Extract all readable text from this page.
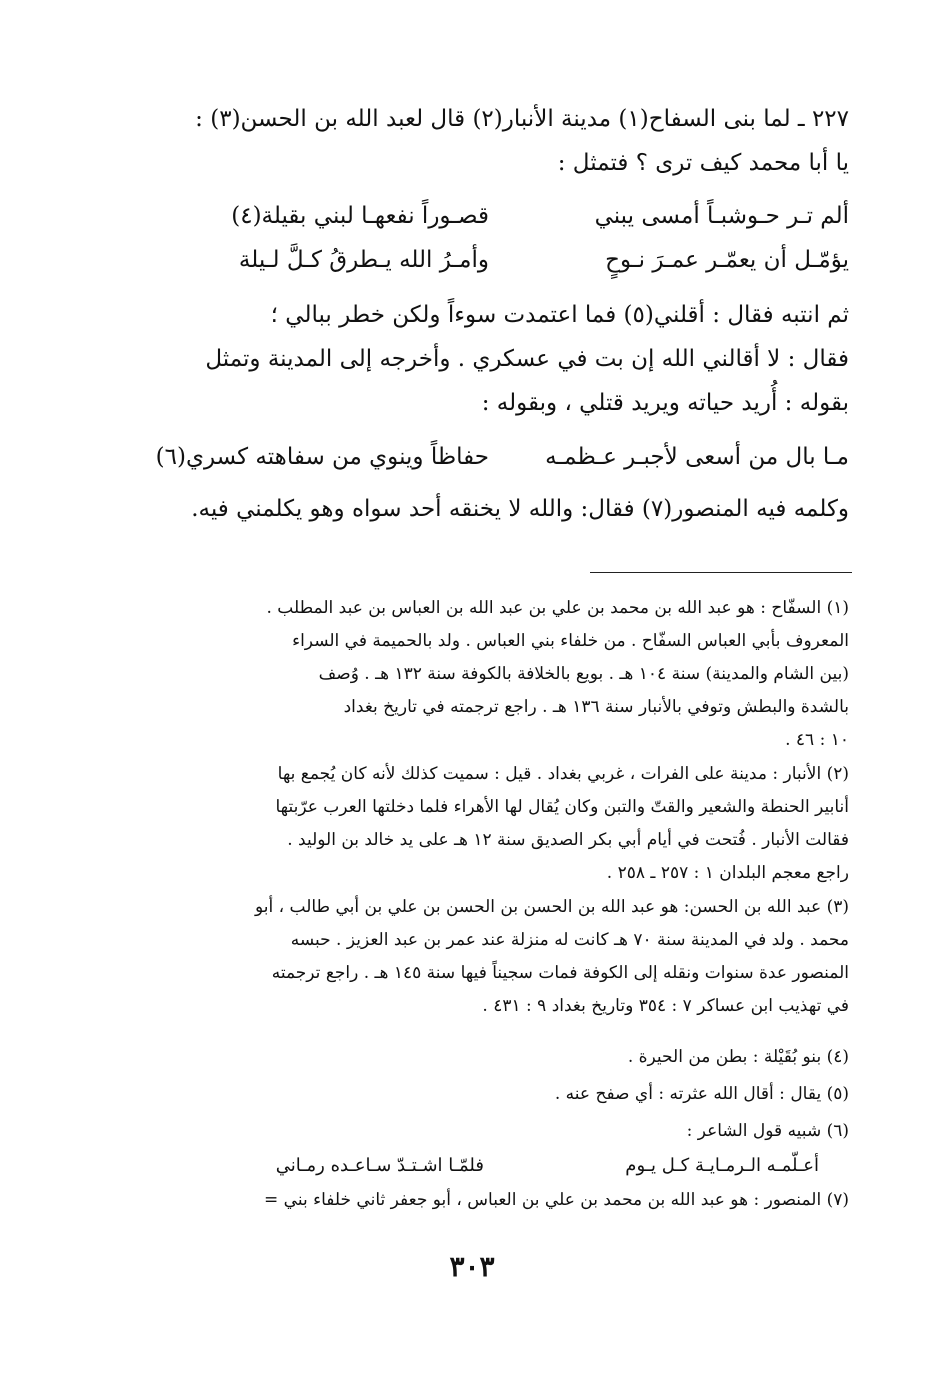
٢٢٧ ـ لما بنى السفاح(١) مدينة الأنبار(٢) قال لعبد الله بن الحسن(٣) :
يا أبا محمد كيف ترى ؟ فتمثل :
ألم تـر حـوشبـاً أمسى يبني
قصـوراً نفعهـا لبني بقيلة(٤)
يؤمّـل أن يعمّـر عمـرَ نـوحٍ
وأمـرُ الله يـطرقُ كـلَّ لـيلة
ثم انتبه فقال : أقلني(٥) فما اعتمدت سوءاً ولكن خطر ببالي ؛
فقال : لا أقالني الله إن بت في عسكري . وأخرجه إلى المدينة وتمثل
بقوله : أُريد حياته ويريد قتلي ، وبقوله :
مـا بال من أسعى لأجبـر عـظمـه
حفاظاً وينوي من سفاهته كسري(٦)
وكلمه فيه المنصور(٧) فقال: والله لا يخنقه أحد سواه وهو يكلمني فيه.
(١) السفّاح : هو عبد الله بن محمد بن علي بن عبد الله بن العباس بن عبد المطلب .
المعروف بأبي العباس السفّاح . من خلفاء بني العباس . ولد بالحميمة في السراء
(بين الشام والمدينة) سنة ١٠٤ هـ . بويع بالخلافة بالكوفة سنة ١٣٢ هـ . وُصف
بالشدة والبطش وتوفي بالأنبار سنة ١٣٦ هـ . راجع ترجمته في تاريخ بغداد
١٠ : ٤٦ .
(٢) الأنبار : مدينة على الفرات ، غربي بغداد . قيل : سميت كذلك لأنه كان يُجمع بها
أنابير الحنطة والشعير والقتّ والتبن وكان يُقال لها الأهراء فلما دخلتها العرب عرّبتها
فقالت الأنبار . فُتحت في أيام أبي بكر الصديق سنة ١٢ هـ على يد خالد بن الوليد .
راجع معجم البلدان ١ : ٢٥٧ ـ ٢٥٨ .
(٣) عبد الله بن الحسن: هو عبد الله بن الحسن بن الحسن بن علي بن أبي طالب ، أبو
محمد . ولد في المدينة سنة ٧٠ هـ كانت له منزلة عند عمر بن عبد العزيز . حبسه
المنصور عدة سنوات ونقله إلى الكوفة فمات سجيناً فيها سنة ١٤٥ هـ . راجع ترجمته
في تهذيب ابن عساكر ٧ : ٣٥٤ وتاريخ بغداد ٩ : ٤٣١ .
(٤) بنو بُقَيْلة : بطن من الحيرة .
(٥) يقال : أقال الله عثرته : أي صفح عنه .
(٦) شبيه قول الشاعر :
أعـلّمـه الـرمـايـة كـل يـوم
فلمّـا اشـتـدّ سـاعـده رمـاني
(٧) المنصور : هو عبد الله بن محمد بن علي بن العباس ، أبو جعفر ثاني خلفاء بني =
٣٠٣
